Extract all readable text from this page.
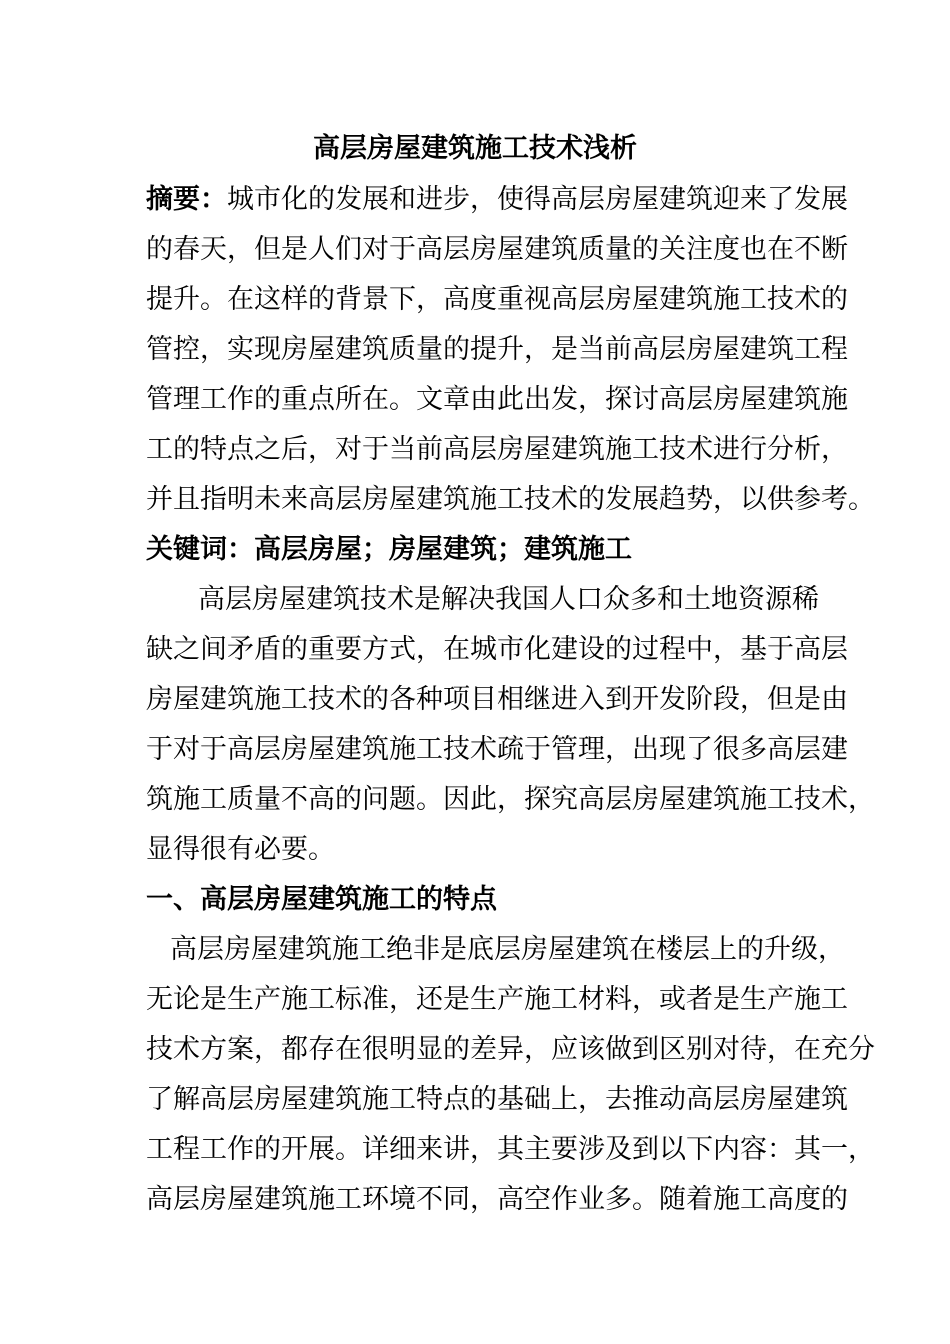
高层房屋建筑施工技术浅析
摘要：城市化的发展和进步，使得高层房屋建筑迎来了发展
的春天，但是人们对于高层房屋建筑质量的关注度也在不断
提升。在这样的背景下，高度重视高层房屋建筑施工技术的
管控，实现房屋建筑质量的提升，是当前高层房屋建筑工程
管理工作的重点所在。文章由此出发，探讨高层房屋建筑施
工的特点之后，对于当前高层房屋建筑施工技术进行分析，
并且指明未来高层房屋建筑施工技术的发展趋势，以供参考。
关键词：高层房屋；房屋建筑；建筑施工
高层房屋建筑技术是解决我国人口众多和土地资源稀
缺之间矛盾的重要方式，在城市化建设的过程中，基于高层
房屋建筑施工技术的各种项目相继进入到开发阶段，但是由
于对于高层房屋建筑施工技术疏于管理，出现了很多高层建
筑施工质量不高的问题。因此，探究高层房屋建筑施工技术，
显得很有必要。
一、高层房屋建筑施工的特点
高层房屋建筑施工绝非是底层房屋建筑在楼层上的升级，
无论是生产施工标准，还是生产施工材料，或者是生产施工
技术方案，都存在很明显的差异，应该做到区别对待，在充分
了解高层房屋建筑施工特点的基础上，去推动高层房屋建筑
工程工作的开展。详细来讲，其主要涉及到以下内容：其一，
高层房屋建筑施工环境不同，高空作业多。随着施工高度的
